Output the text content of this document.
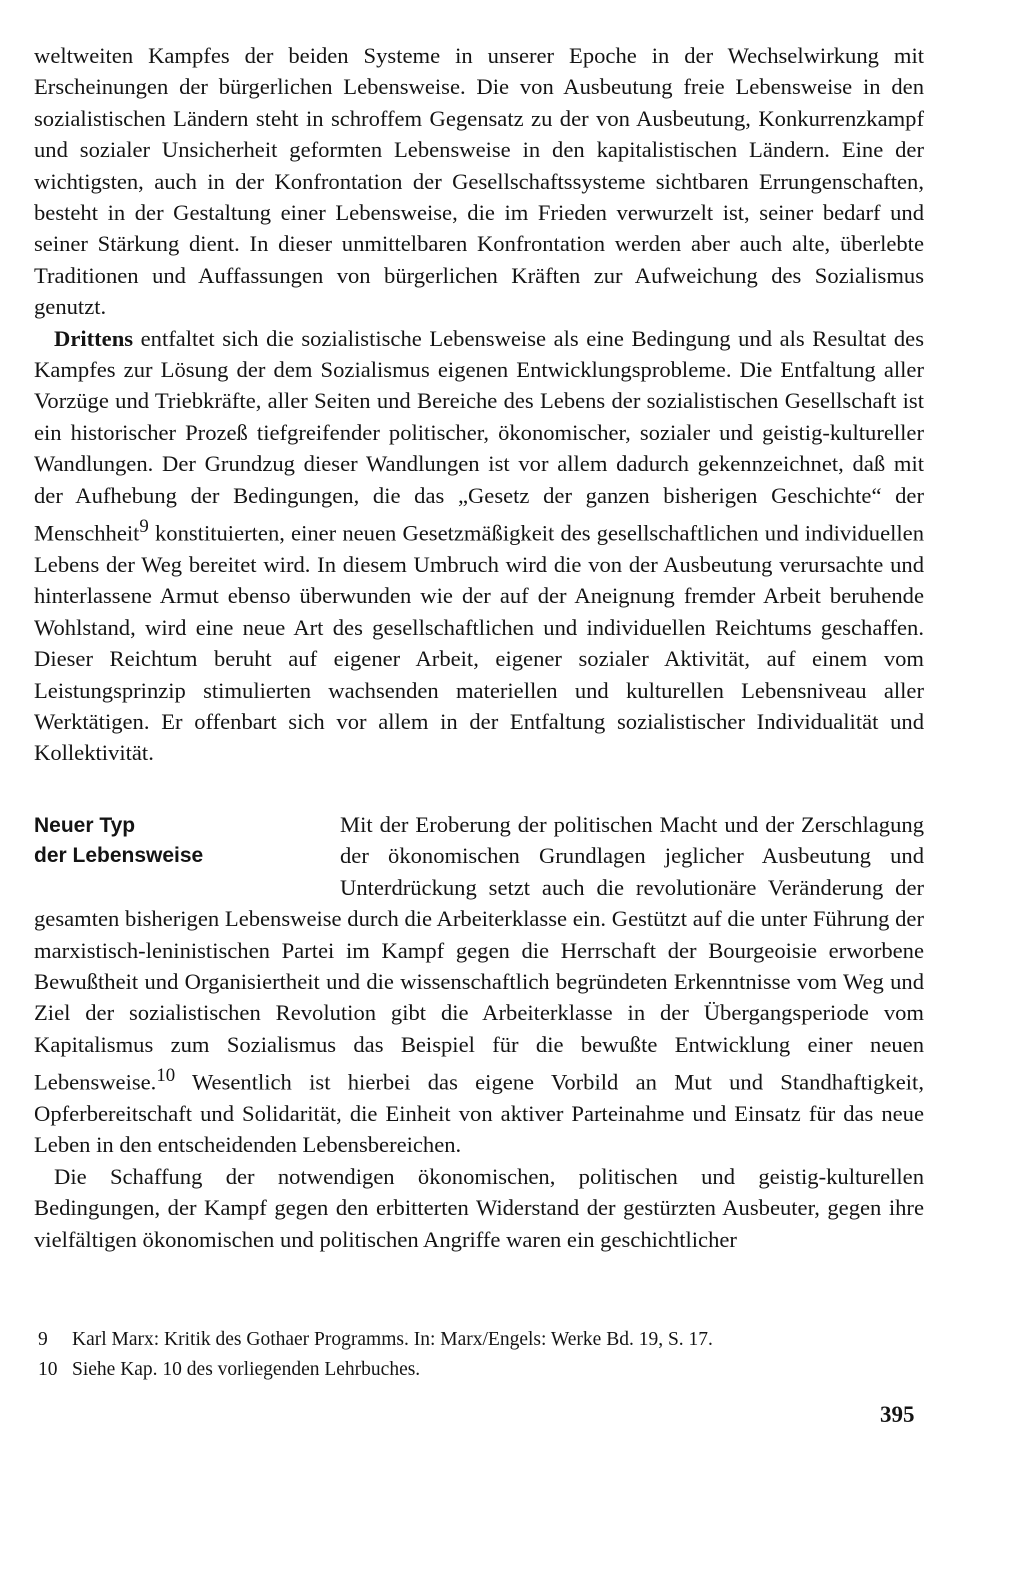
weltweiten Kampfes der beiden Systeme in unserer Epoche in der Wechselwirkung mit Erscheinungen der bürgerlichen Lebensweise. Die von Ausbeutung freie Lebensweise in den sozialistischen Ländern steht in schroffem Gegensatz zu der von Ausbeutung, Konkurrenzkampf und sozialer Unsicherheit geformten Lebensweise in den kapitalistischen Ländern. Eine der wichtigsten, auch in der Konfrontation der Gesellschaftssysteme sichtbaren Errungenschaften, besteht in der Gestaltung einer Lebensweise, die im Frieden verwurzelt ist, seiner bedarf und seiner Stärkung dient. In dieser unmittelbaren Konfrontation werden aber auch alte, überlebte Traditionen und Auffassungen von bürgerlichen Kräften zur Aufweichung des Sozialismus genutzt.

Drittens entfaltet sich die sozialistische Lebensweise als eine Bedingung und als Resultat des Kampfes zur Lösung der dem Sozialismus eigenen Entwicklungsprobleme. Die Entfaltung aller Vorzüge und Triebkräfte, aller Seiten und Bereiche des Lebens der sozialistischen Gesellschaft ist ein historischer Prozeß tiefgreifender politischer, ökonomischer, sozialer und geistig-kultureller Wandlungen. Der Grundzug dieser Wandlungen ist vor allem dadurch gekennzeichnet, daß mit der Aufhebung der Bedingungen, die das „Gesetz der ganzen bisherigen Geschichte“ der Menschheit$^9$ konstituierten, einer neuen Gesetzmäßigkeit des gesellschaftlichen und individuellen Lebens der Weg bereitet wird. In diesem Umbruch wird die von der Ausbeutung verursachte und hinterlassene Armut ebenso überwunden wie der auf der Aneignung fremder Arbeit beruhende Wohlstand, wird eine neue Art des gesellschaftlichen und individuellen Reichtums geschaffen. Dieser Reichtum beruht auf eigener Arbeit, eigener sozialer Aktivität, auf einem vom Leistungsprinzip stimulierten wachsenden materiellen und kulturellen Lebensniveau aller Werktätigen. Er offenbart sich vor allem in der Entfaltung sozialistischer Individualität und Kollektivität.

Neuer Typ
der Lebensweise

Mit der Eroberung der politischen Macht und der Zerschlagung der ökonomischen Grundlagen jeglicher Ausbeutung und Unterdrückung setzt auch die revolutionäre Veränderung der gesamten bisherigen Lebensweise durch die Arbeiterklasse ein. Gestützt auf die unter Führung der marxistisch-leninistischen Partei im Kampf gegen die Herrschaft der Bourgeoisie erworbene Bewußtheit und Organisiertheit und die wissenschaftlich begründeten Erkenntnisse vom Weg und Ziel der sozialistischen Revolution gibt die Arbeiterklasse in der Übergangsperiode vom Kapitalismus zum Sozialismus das Beispiel für die bewußte Entwicklung einer neuen Lebensweise.$^{10}$ Wesentlich ist hierbei das eigene Vorbild an Mut und Standhaftigkeit, Opferbereitschaft und Solidarität, die Einheit von aktiver Parteinahme und Einsatz für das neue Leben in den entscheidenden Lebensbereichen.

Die Schaffung der notwendigen ökonomischen, politischen und geistig-kulturellen Bedingungen, der Kampf gegen den erbitterten Widerstand der gestürzten Ausbeuter, gegen ihre vielfältigen ökonomischen und politischen Angriffe waren ein geschichtlicher

9	Karl Marx: Kritik des Gothaer Programms. In: Marx/Engels: Werke Bd. 19, S. 17.
10 Siehe Kap. 10 des vorliegenden Lehrbuches.
395
